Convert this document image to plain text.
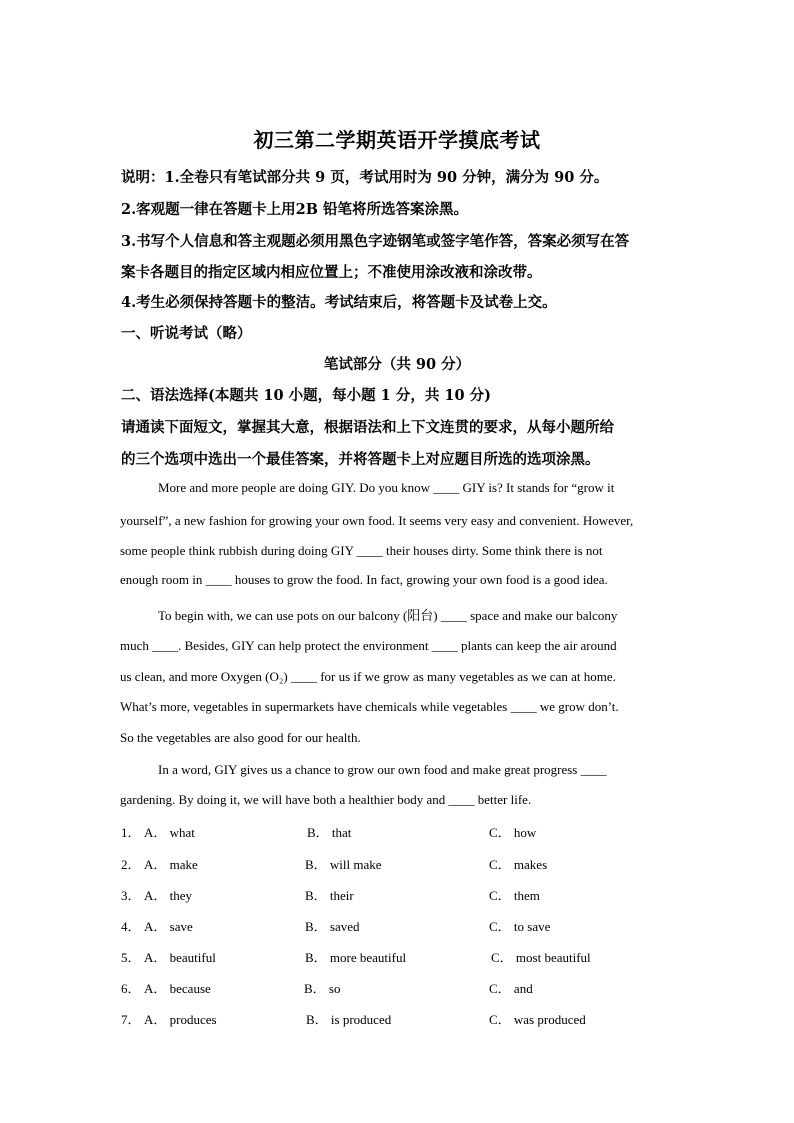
初三第二学期英语开学摸底考试
说明：1.全卷只有笔试部分共 9 页，考试用时为 90 分钟，满分为 90 分。
2.客观题一律在答题卡上用2B 铅笔将所选答案涂黑。
3.书写个人信息和答主观题必须用黑色字迹钢笔或签字笔作答，答案必须写在答
案卡各题目的指定区域内相应位置上；不准使用涂改液和涂改带。
4.考生必须保持答题卡的整洁。考试结束后，将答题卡及试卷上交。
一、听说考试（略）
笔试部分（共 90 分）
二、语法选择(本题共 10 小题，每小题 1 分，共 10 分)
请通读下面短文，掌握其大意，根据语法和上下文连贯的要求，从每小题所给
的三个选项中选出一个最佳答案，并将答题卡上对应题目所选的选项涂黑。
More and more people are doing GIY. Do you know ____ GIY is? It stands for “grow it
yourself”, a new fashion for growing your own food. It seems very easy and convenient. However,
some people think rubbish during doing GIY ____ their houses dirty. Some think there is not
enough room in ____ houses to grow the food. In fact, growing your own food is a good idea.
To begin with, we can use pots on our balcony (阳台) ____ space and make our balcony
much ____. Besides, GIY can help protect the environment ____ plants can keep the air around
us clean, and more Oxygen (O₂) ____ for us if we grow as many vegetables as we can at home.
What’s more, vegetables in supermarkets have chemicals while vegetables ____ we grow don’t.
So the vegetables are also good for our health.
In a word, GIY gives us a chance to grow our own food and make great progress ____
gardening. By doing it, we will have both a healthier body and ____ better life.
1． A． what	B． that	C． how
2． A． make	B． will make	C． makes
3． A． they	B． their	C． them
4． A． save	B． saved	C． to save
5． A． beautiful	B． more beautiful	C． most beautiful
6． A． because	B． so	C． and
7． A． produces	B． is produced	C． was produced
